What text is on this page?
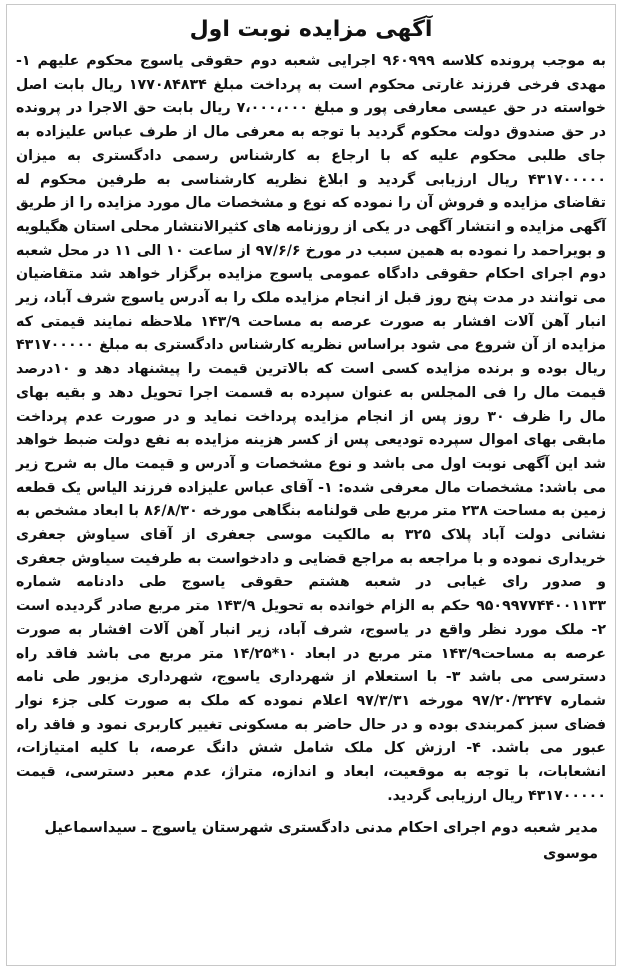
آگهی مزایده نوبت اول
به موجب پرونده کلاسه ۹۶۰۹۹۹ اجرایی شعبه دوم حقوقی یاسوج محکوم علیهم ۱- مهدی فرخی فرزند غارتی محکوم است به پرداخت مبلغ ۱۷۷۰۸۴۸۳۴ ریال بابت اصل خواسته در حق عیسی معارفی پور و مبلغ ۷،۰۰۰،۰۰۰ ریال بابت حق الاجرا در پرونده در حق صندوق دولت محکوم گردید با توجه به معرفی مال از طرف عباس علیزاده به جای طلبی محکوم علیه که با ارجاع به کارشناس رسمی دادگستری به میزان ۴۳۱۷۰۰۰۰۰ ریال ارزیابی گردید و ابلاغ نظریه کارشناسی به طرفین محکوم له تقاضای مزایده و فروش آن را نموده که نوع و مشخصات مال مورد مزایده را از طریق آگهی مزایده و انتشار آگهی در یکی از روزنامه های کثیرالانتشار محلی استان هگیلویه و بویراحمد را نموده به همین سبب در مورخ ۹۷/۶/۶ از ساعت ۱۰ الی ۱۱ در محل شعبه دوم اجرای احکام حقوقی دادگاه عمومی یاسوج مزایده برگزار خواهد شد متقاضیان می توانند در مدت پنج روز قبل از انجام مزایده ملک را به آدرس یاسوج شرف آباد، زیر انبار آهن آلات افشار به صورت عرصه به مساحت ۱۴۳/۹ ملاحظه نمایند قیمتی که مزایده از آن شروع می شود براساس نظریه کارشناس دادگستری به مبلغ ۴۳۱۷۰۰۰۰۰ ریال بوده و برنده مزایده کسی است که بالاترین قیمت را پیشنهاد دهد و ۱۰درصد قیمت مال را فی المجلس به عنوان سپرده به قسمت اجرا تحویل دهد و بقیه بهای مال را ظرف ۳۰ روز پس از انجام مزایده پرداخت نماید و در صورت عدم پرداخت مابقی بهای اموال سپرده تودیعی پس از کسر هزینه مزایده به نفع دولت ضبط خواهد شد این آگهی نوبت اول می باشد و نوع مشخصات و آدرس و قیمت مال به شرح زیر می باشد: مشخصات مال معرفی شده: ۱- آقای عباس علیزاده فرزند الیاس یک قطعه زمین به مساحت ۲۳۸ متر مربع طی قولنامه بنگاهی مورخه ۸۶/۸/۳۰ با ابعاد مشخص به نشانی دولت آباد پلاک ۳۲۵ به مالکیت موسی جعفری از آقای سیاوش جعفری خریداری نموده و با مراجعه به مراجع قضایی و دادخواست به طرفیت سیاوش جعفری و صدور رای غیابی در شعبه هشتم حقوقی یاسوج طی دادنامه شماره ۹۵۰۹۹۷۷۴۴۰۰۱۱۳۳ حکم به الزام خوانده به تحویل ۱۴۳/۹ متر مربع صادر گردیده است ۲- ملک مورد نظر واقع در یاسوج، شرف آباد، زیر انبار آهن آلات افشار به صورت عرصه به مساحت۱۴۳/۹ متر مربع در ابعاد ۱۰*۱۴/۲۵ متر مربع می باشد فاقد راه دسترسی می باشد ۳- با استعلام از شهرداری یاسوج، شهرداری مزبور طی نامه شماره ۹۷/۲۰/۳۲۴۷ مورخه ۹۷/۳/۳۱ اعلام نموده که ملک به صورت کلی جزء نوار فضای سبز کمربندی بوده و در حال حاضر به مسکونی تغییر کاربری نمود و فاقد راه عبور می باشد. ۴- ارزش کل ملک شامل شش دانگ عرصه، با کلیه امتیازات، انشعابات، با توجه به موقعیت، ابعاد و اندازه، متراژ، عدم معبر دسترسی، قیمت ۴۳۱۷۰۰۰۰۰ ریال ارزیابی گردید.
مدیر شعبه دوم اجرای احکام مدنی دادگستری شهرستان یاسوج ـ سیداسماعیل موسوی
